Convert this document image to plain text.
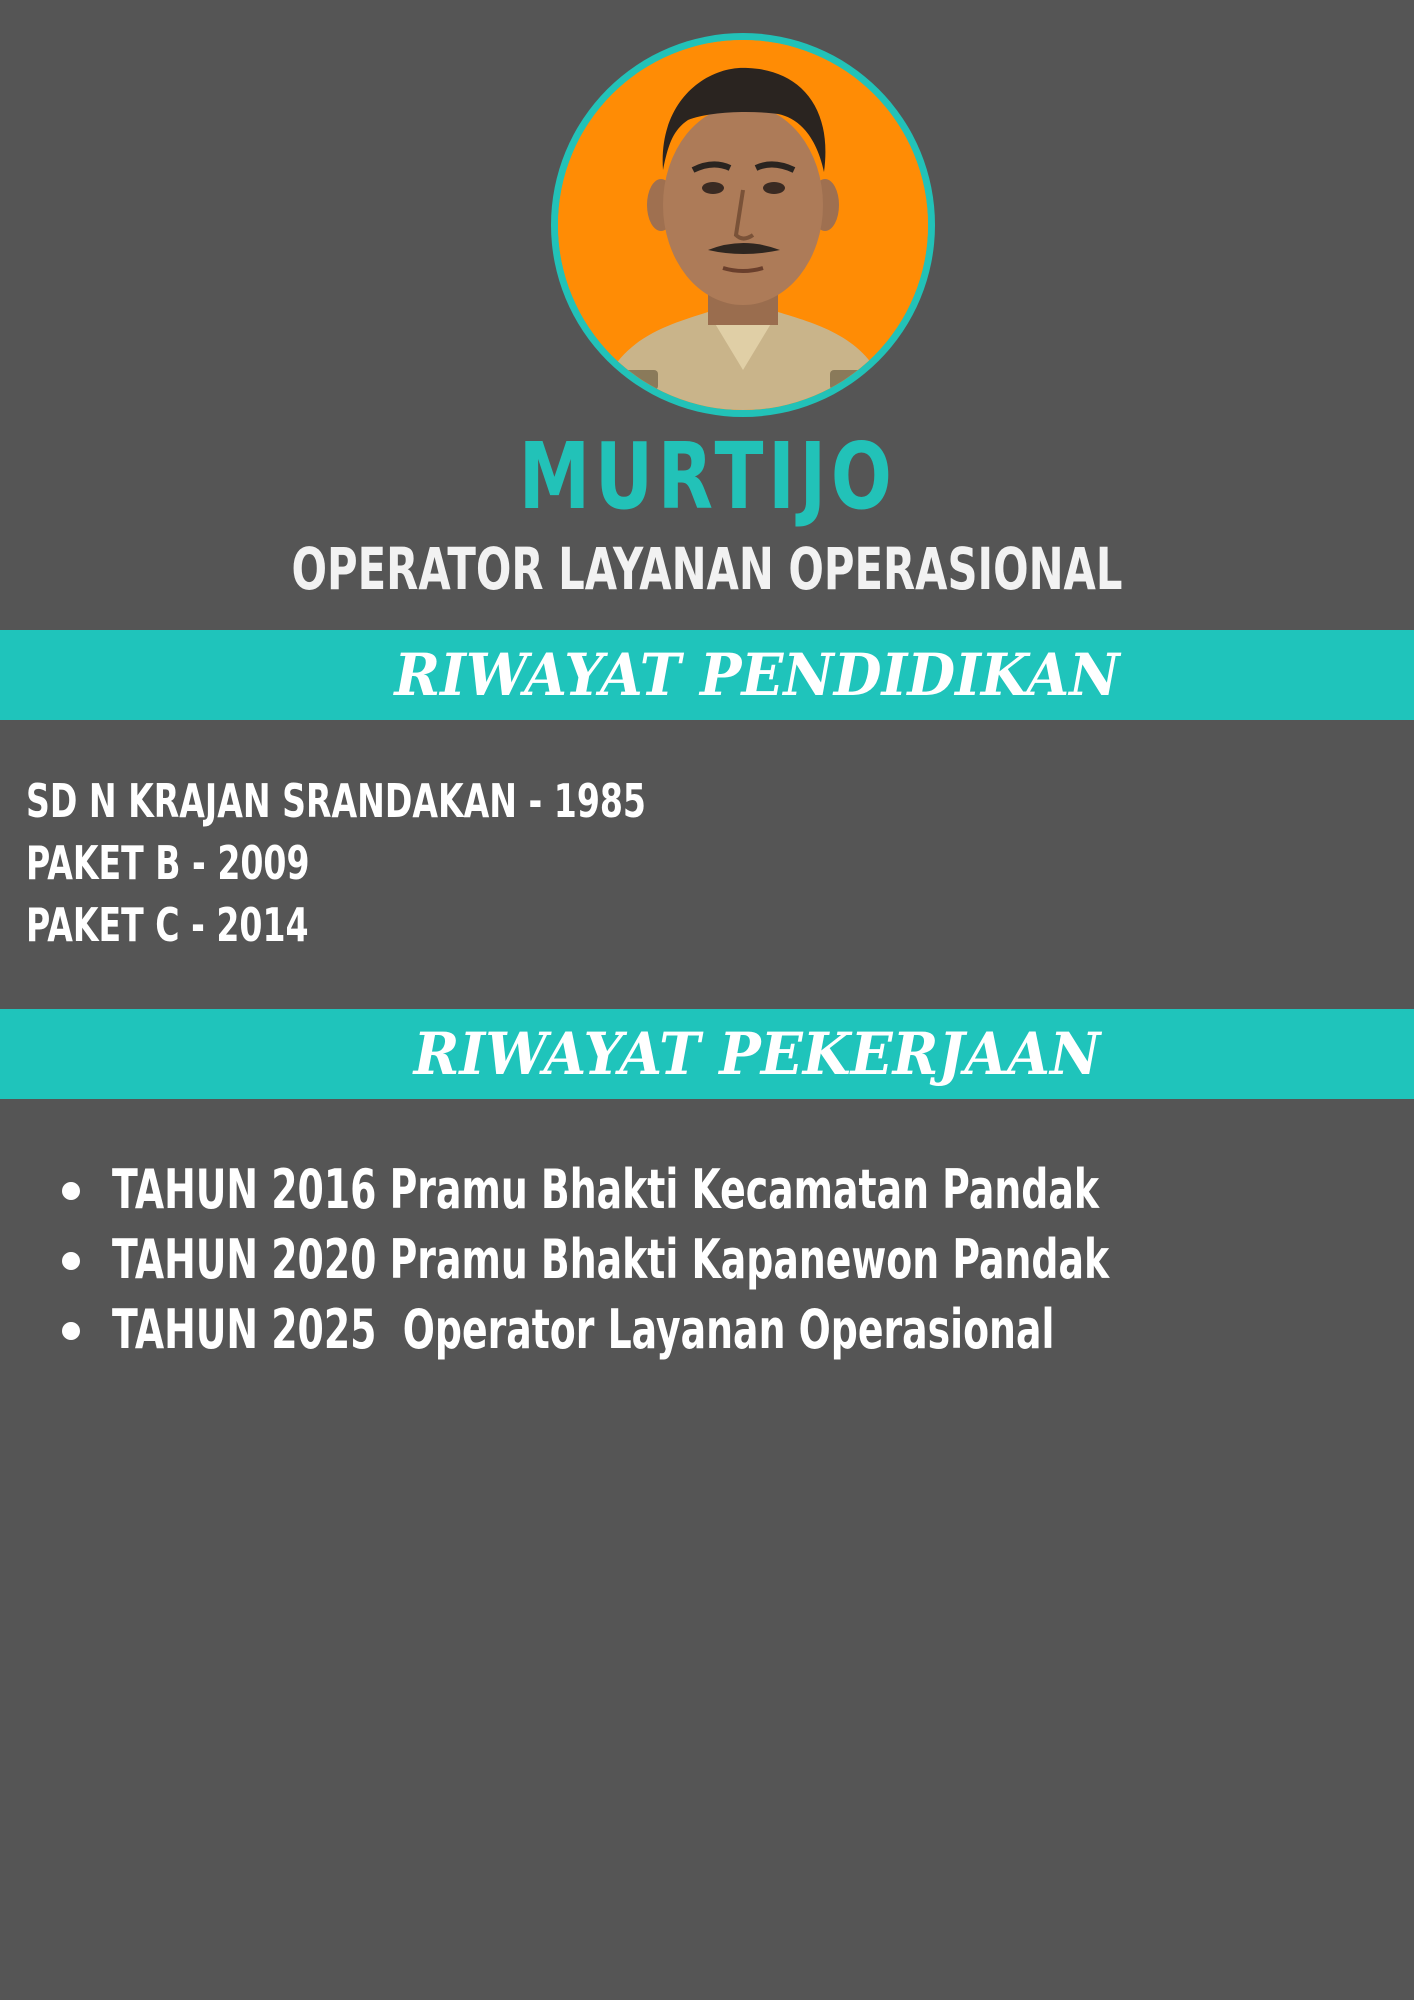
MURTIJO
OPERATOR LAYANAN OPERASIONAL
RIWAYAT PENDIDIKAN
SD N KRAJAN SRANDAKAN - 1985
PAKET B - 2009
PAKET C - 2014
RIWAYAT PEKERJAAN
TAHUN 2016 Pramu Bhakti Kecamatan Pandak
TAHUN 2020 Pramu Bhakti Kapanewon Pandak
TAHUN 2025  Operator Layanan Operasional
